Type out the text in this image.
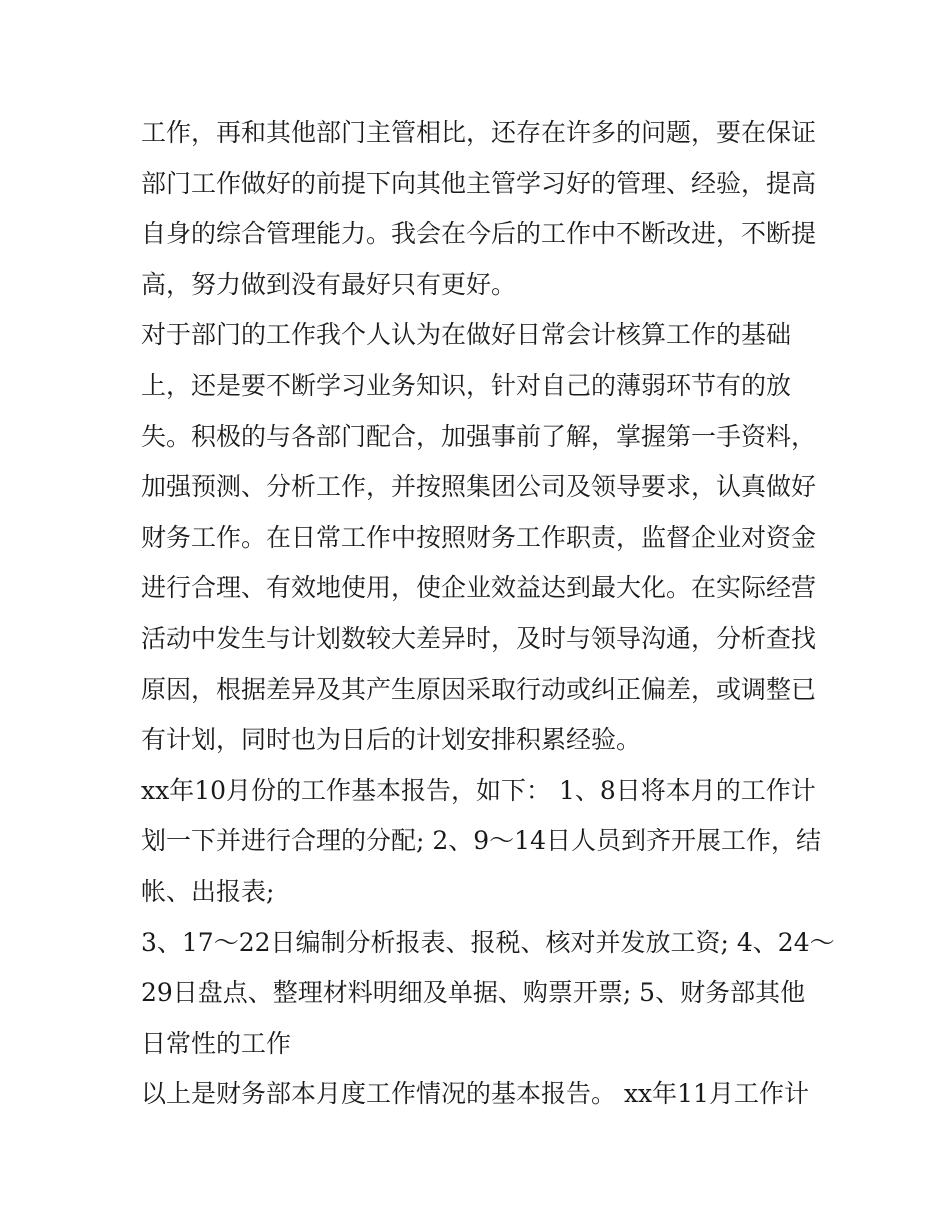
工作，再和其他部门主管相比，还存在许多的问题，要在保证
部门工作做好的前提下向其他主管学习好的管理、经验，提高
自身的综合管理能力。我会在今后的工作中不断改进，不断提
高，努力做到没有最好只有更好。
对于部门的工作我个人认为在做好日常会计核算工作的基础
上，还是要不断学习业务知识，针对自己的薄弱环节有的放
失。积极的与各部门配合，加强事前了解，掌握第一手资料，
加强预测、分析工作，并按照集团公司及领导要求，认真做好
财务工作。在日常工作中按照财务工作职责，监督企业对资金
进行合理、有效地使用，使企业效益达到最大化。在实际经营
活动中发生与计划数较大差异时，及时与领导沟通，分析查找
原因，根据差异及其产生原因采取行动或纠正偏差，或调整已
有计划，同时也为日后的计划安排积累经验。
xx年10月份的工作基本报告，如下： 1、8日将本月的工作计
划一下并进行合理的分配; 2、9～14日人员到齐开展工作，结
帐、出报表;
3、17～22日编制分析报表、报税、核对并发放工资; 4、24～
29日盘点、整理材料明细及单据、购票开票; 5、财务部其他
日常性的工作
以上是财务部本月度工作情况的基本报告。 xx年11月工作计
